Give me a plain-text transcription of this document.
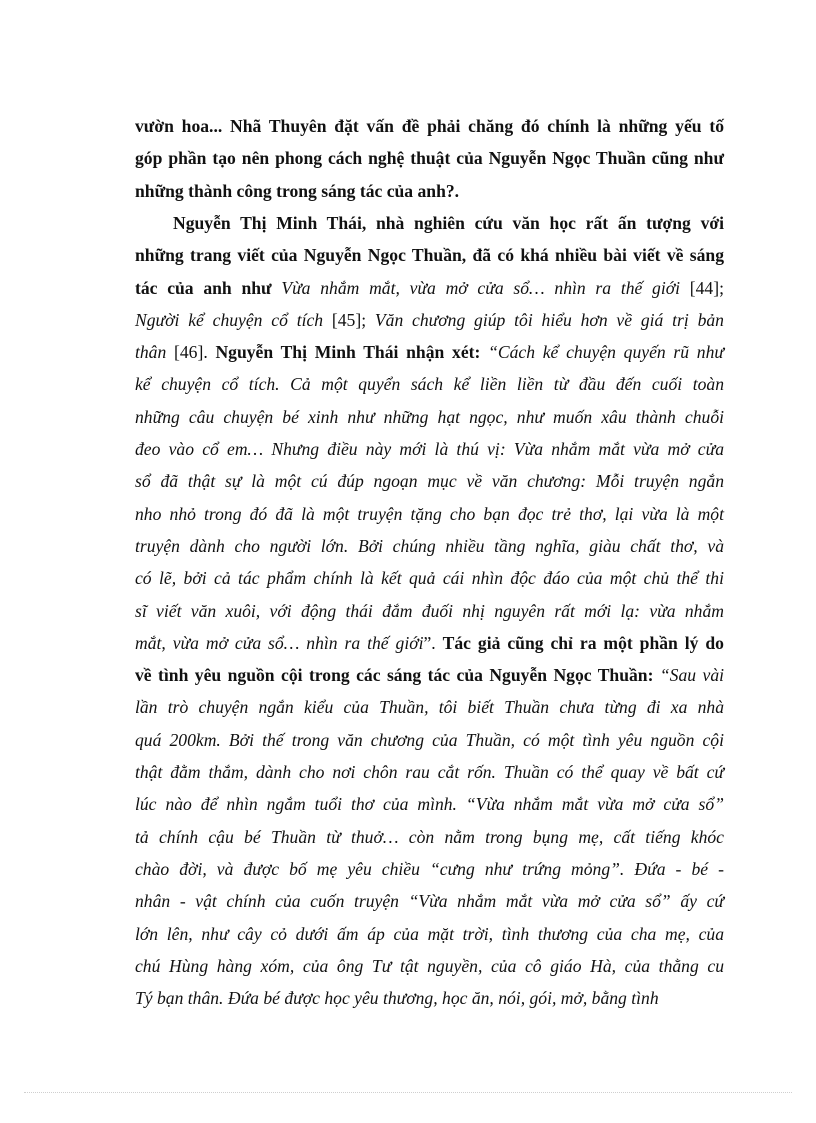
vườn hoa... Nhã Thuyên đặt vấn đề phải chăng đó chính là những yếu tố
góp phần tạo nên phong cách nghệ thuật của Nguyễn Ngọc Thuần cũng như
những thành công trong sáng tác của anh?.
Nguyễn Thị Minh Thái, nhà nghiên cứu văn học rất ấn tượng với
những trang viết của Nguyễn Ngọc Thuần, đã có khá nhiều bài viết về sáng
tác của anh như Vừa nhắm mắt, vừa mở cửa sổ… nhìn ra thế giới [44];
Người kể chuyện cổ tích [45]; Văn chương giúp tôi hiểu hơn về giá trị bản
thân [46]. Nguyễn Thị Minh Thái nhận xét: “Cách kể chuyện quyến rũ như
kể chuyện cổ tích. Cả một quyển sách kể liền liền từ đầu đến cuối toàn
những câu chuyện bé xinh như những hạt ngọc, như muốn xâu thành chuỗi
đeo vào cổ em… Nhưng điều này mới là thú vị: Vừa nhắm mắt vừa mở cửa
sổ đã thật sự là một cú đúp ngoạn mục về văn chương: Mỗi truyện ngắn
nho nhỏ trong đó đã là một truyện tặng cho bạn đọc trẻ thơ, lại vừa là một
truyện dành cho người lớn. Bởi chúng nhiều tầng nghĩa, giàu chất thơ, và
có lẽ, bởi cả tác phẩm chính là kết quả cái nhìn độc đáo của một chủ thể thi
sĩ viết văn xuôi, với động thái đắm đuối nhị nguyên rất mới lạ: vừa nhắm
mắt, vừa mở cửa sổ… nhìn ra thế giới”. Tác giả cũng chỉ ra một phần lý do
về tình yêu nguồn cội trong các sáng tác của Nguyễn Ngọc Thuần: “Sau vài
lần trò chuyện ngắn kiểu của Thuần, tôi biết Thuần chưa từng đi xa nhà
quá 200km. Bởi thế trong văn chương của Thuần, có một tình yêu nguồn cội
thật đằm thắm, dành cho nơi chôn rau cắt rốn. Thuần có thể quay về bất cứ
lúc nào để nhìn ngắm tuổi thơ của mình. “Vừa nhắm mắt vừa mở cửa sổ”
tả chính cậu bé Thuần từ thuở… còn nằm trong bụng mẹ, cất tiếng khóc
chào đời, và được bố mẹ yêu chiều “cưng như trứng mỏng”. Đứa - bé -
nhân - vật chính của cuốn truyện “Vừa nhắm mắt vừa mở cửa sổ” ấy cứ
lớn lên, như cây cỏ dưới ấm áp của mặt trời, tình thương của cha mẹ, của
chú Hùng hàng xóm, của ông Tư tật nguyền, của cô giáo Hà, của thằng cu
Tý bạn thân. Đứa bé được học yêu thương, học ăn, nói, gói, mở, bằng tình
